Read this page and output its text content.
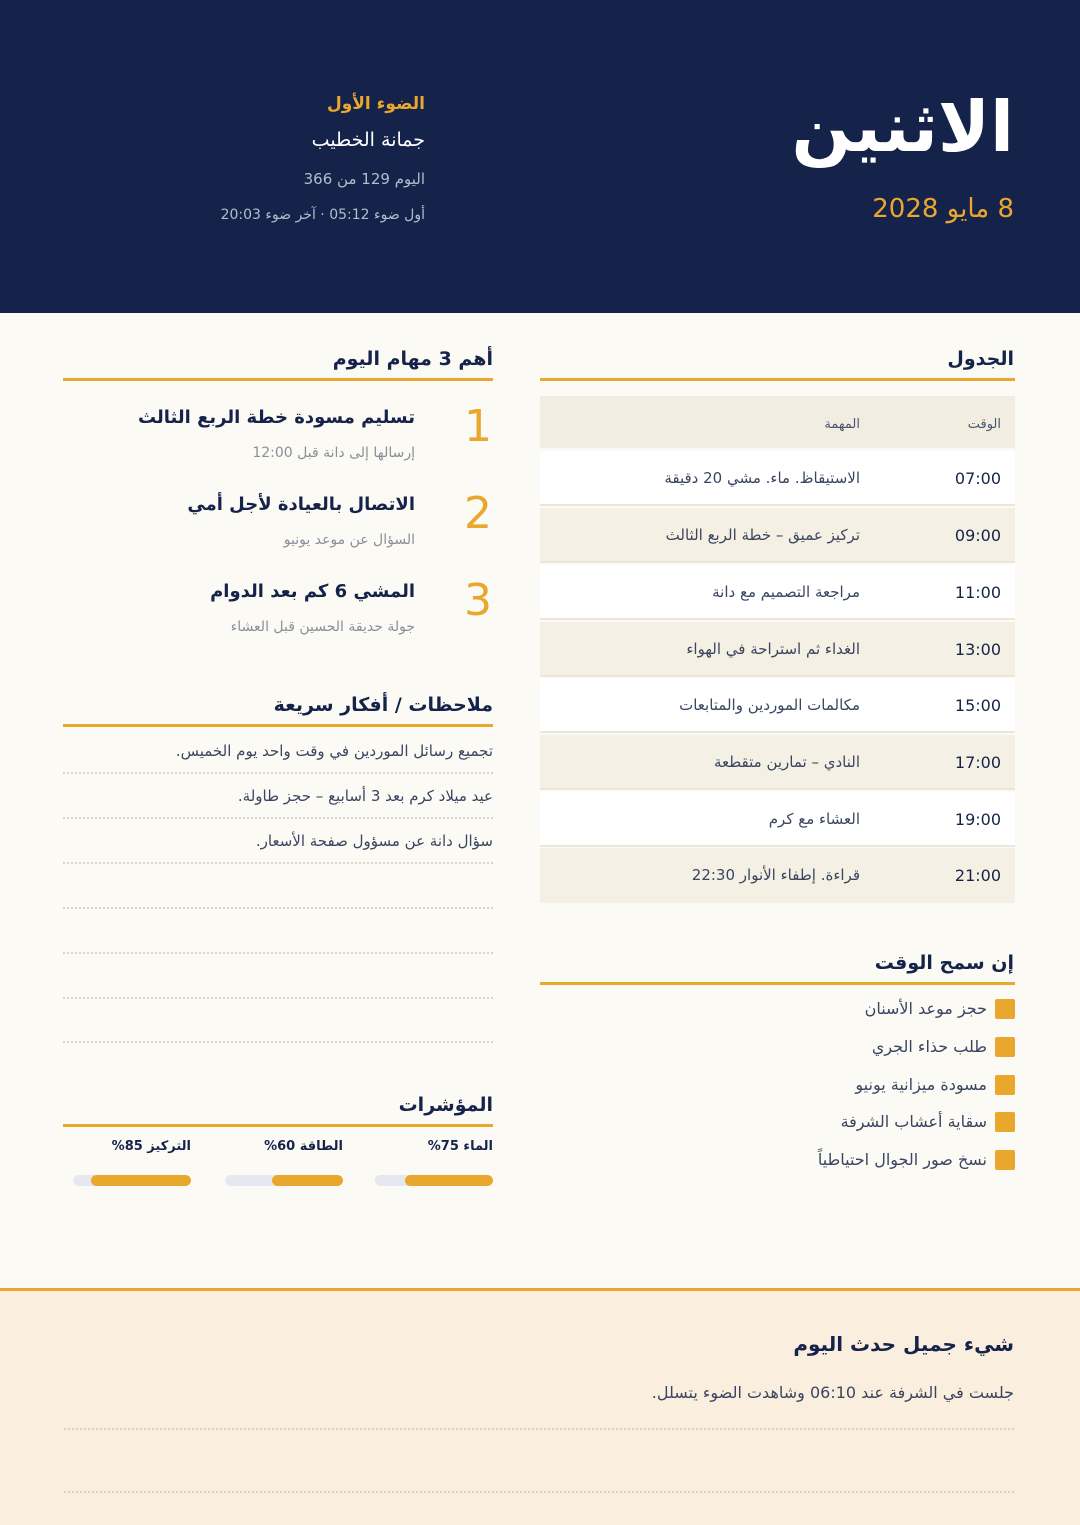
الاثنين
8 مايو 2028
الضوء الأول
جمانة الخطيب
اليوم 129 من 366
أول ضوء 05:12 · آخر ضوء 20:03
الجدول
الوقت
المهمة
07:00
الاستيقاظ. ماء. مشي 20 دقيقة
09:00
تركيز عميق – خطة الربع الثالث
11:00
مراجعة التصميم مع دانة
13:00
الغداء ثم استراحة في الهواء
15:00
مكالمات الموردين والمتابعات
17:00
النادي – تمارين متقطعة
19:00
العشاء مع كرم
21:00
قراءة. إطفاء الأنوار 22:30
أهم 3 مهام اليوم
1
تسليم مسودة خطة الربع الثالث
إرسالها إلى دانة قبل 12:00
2
الاتصال بالعيادة لأجل أمي
السؤال عن موعد يونيو
3
المشي 6 كم بعد الدوام
جولة حديقة الحسين قبل العشاء
ملاحظات / أفكار سريعة
تجميع رسائل الموردين في وقت واحد يوم الخميس.
عيد ميلاد كرم بعد 3 أسابيع – حجز طاولة.
سؤال دانة عن مسؤول صفحة الأسعار.
المؤشرات
الماء 75%
الطاقة 60%
التركيز 85%
إن سمح الوقت
حجز موعد الأسنان
طلب حذاء الجري
مسودة ميزانية يونيو
سقاية أعشاب الشرفة
نسخ صور الجوال احتياطياً
شيء جميل حدث اليوم
جلست في الشرفة عند 06:10 وشاهدت الضوء يتسلل.
